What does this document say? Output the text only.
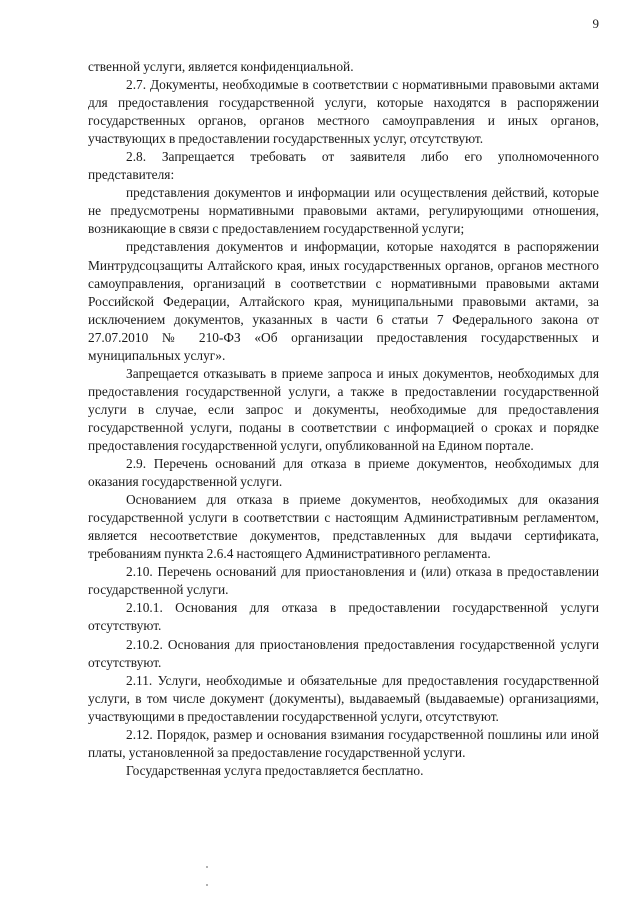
9

ственной услуги, является конфиденциальной.

2.7. Документы, необходимые в соответствии с нормативными правовыми актами для предоставления государственной услуги, которые находятся в распоряжении государственных органов, органов местного самоуправления и иных органов, участвующих в предоставлении государственных услуг, отсутствуют.

2.8. Запрещается требовать от заявителя либо его уполномоченного представителя:

представления документов и информации или осуществления действий, которые не предусмотрены нормативными правовыми актами, регулирующими отношения, возникающие в связи с предоставлением государственной услуги;

представления документов и информации, которые находятся в распоряжении Минтрудсоцзащиты Алтайского края, иных государственных органов, органов местного самоуправления, организаций в соответствии с нормативными правовыми актами Российской Федерации, Алтайского края, муниципальными правовыми актами, за исключением документов, указанных в части 6 статьи 7 Федерального закона от 27.07.2010 № 210-ФЗ «Об организации предоставления государственных и муниципальных услуг».

Запрещается отказывать в приеме запроса и иных документов, необходимых для предоставления государственной услуги, а также в предоставлении государственной услуги в случае, если запрос и документы, необходимые для предоставления государственной услуги, поданы в соответствии с информацией о сроках и порядке предоставления государственной услуги, опубликованной на Едином портале.

2.9. Перечень оснований для отказа в приеме документов, необходимых для оказания государственной услуги.

Основанием для отказа в приеме документов, необходимых для оказания государственной услуги в соответствии с настоящим Административным регламентом, является несоответствие документов, представленных для выдачи сертификата, требованиям пункта 2.6.4 настоящего Административного регламента.

2.10. Перечень оснований для приостановления и (или) отказа в предоставлении государственной услуги.

2.10.1. Основания для отказа в предоставлении государственной услуги отсутствуют.

2.10.2. Основания для приостановления предоставления государственной услуги отсутствуют.

2.11. Услуги, необходимые и обязательные для предоставления государственной услуги, в том числе документ (документы), выдаваемый (выдаваемые) организациями, участвующими в предоставлении государственной услуги, отсутствуют.

2.12. Порядок, размер и основания взимания государственной пошлины или иной платы, установленной за предоставление государственной услуги.

Государственная услуга предоставляется бесплатно.
